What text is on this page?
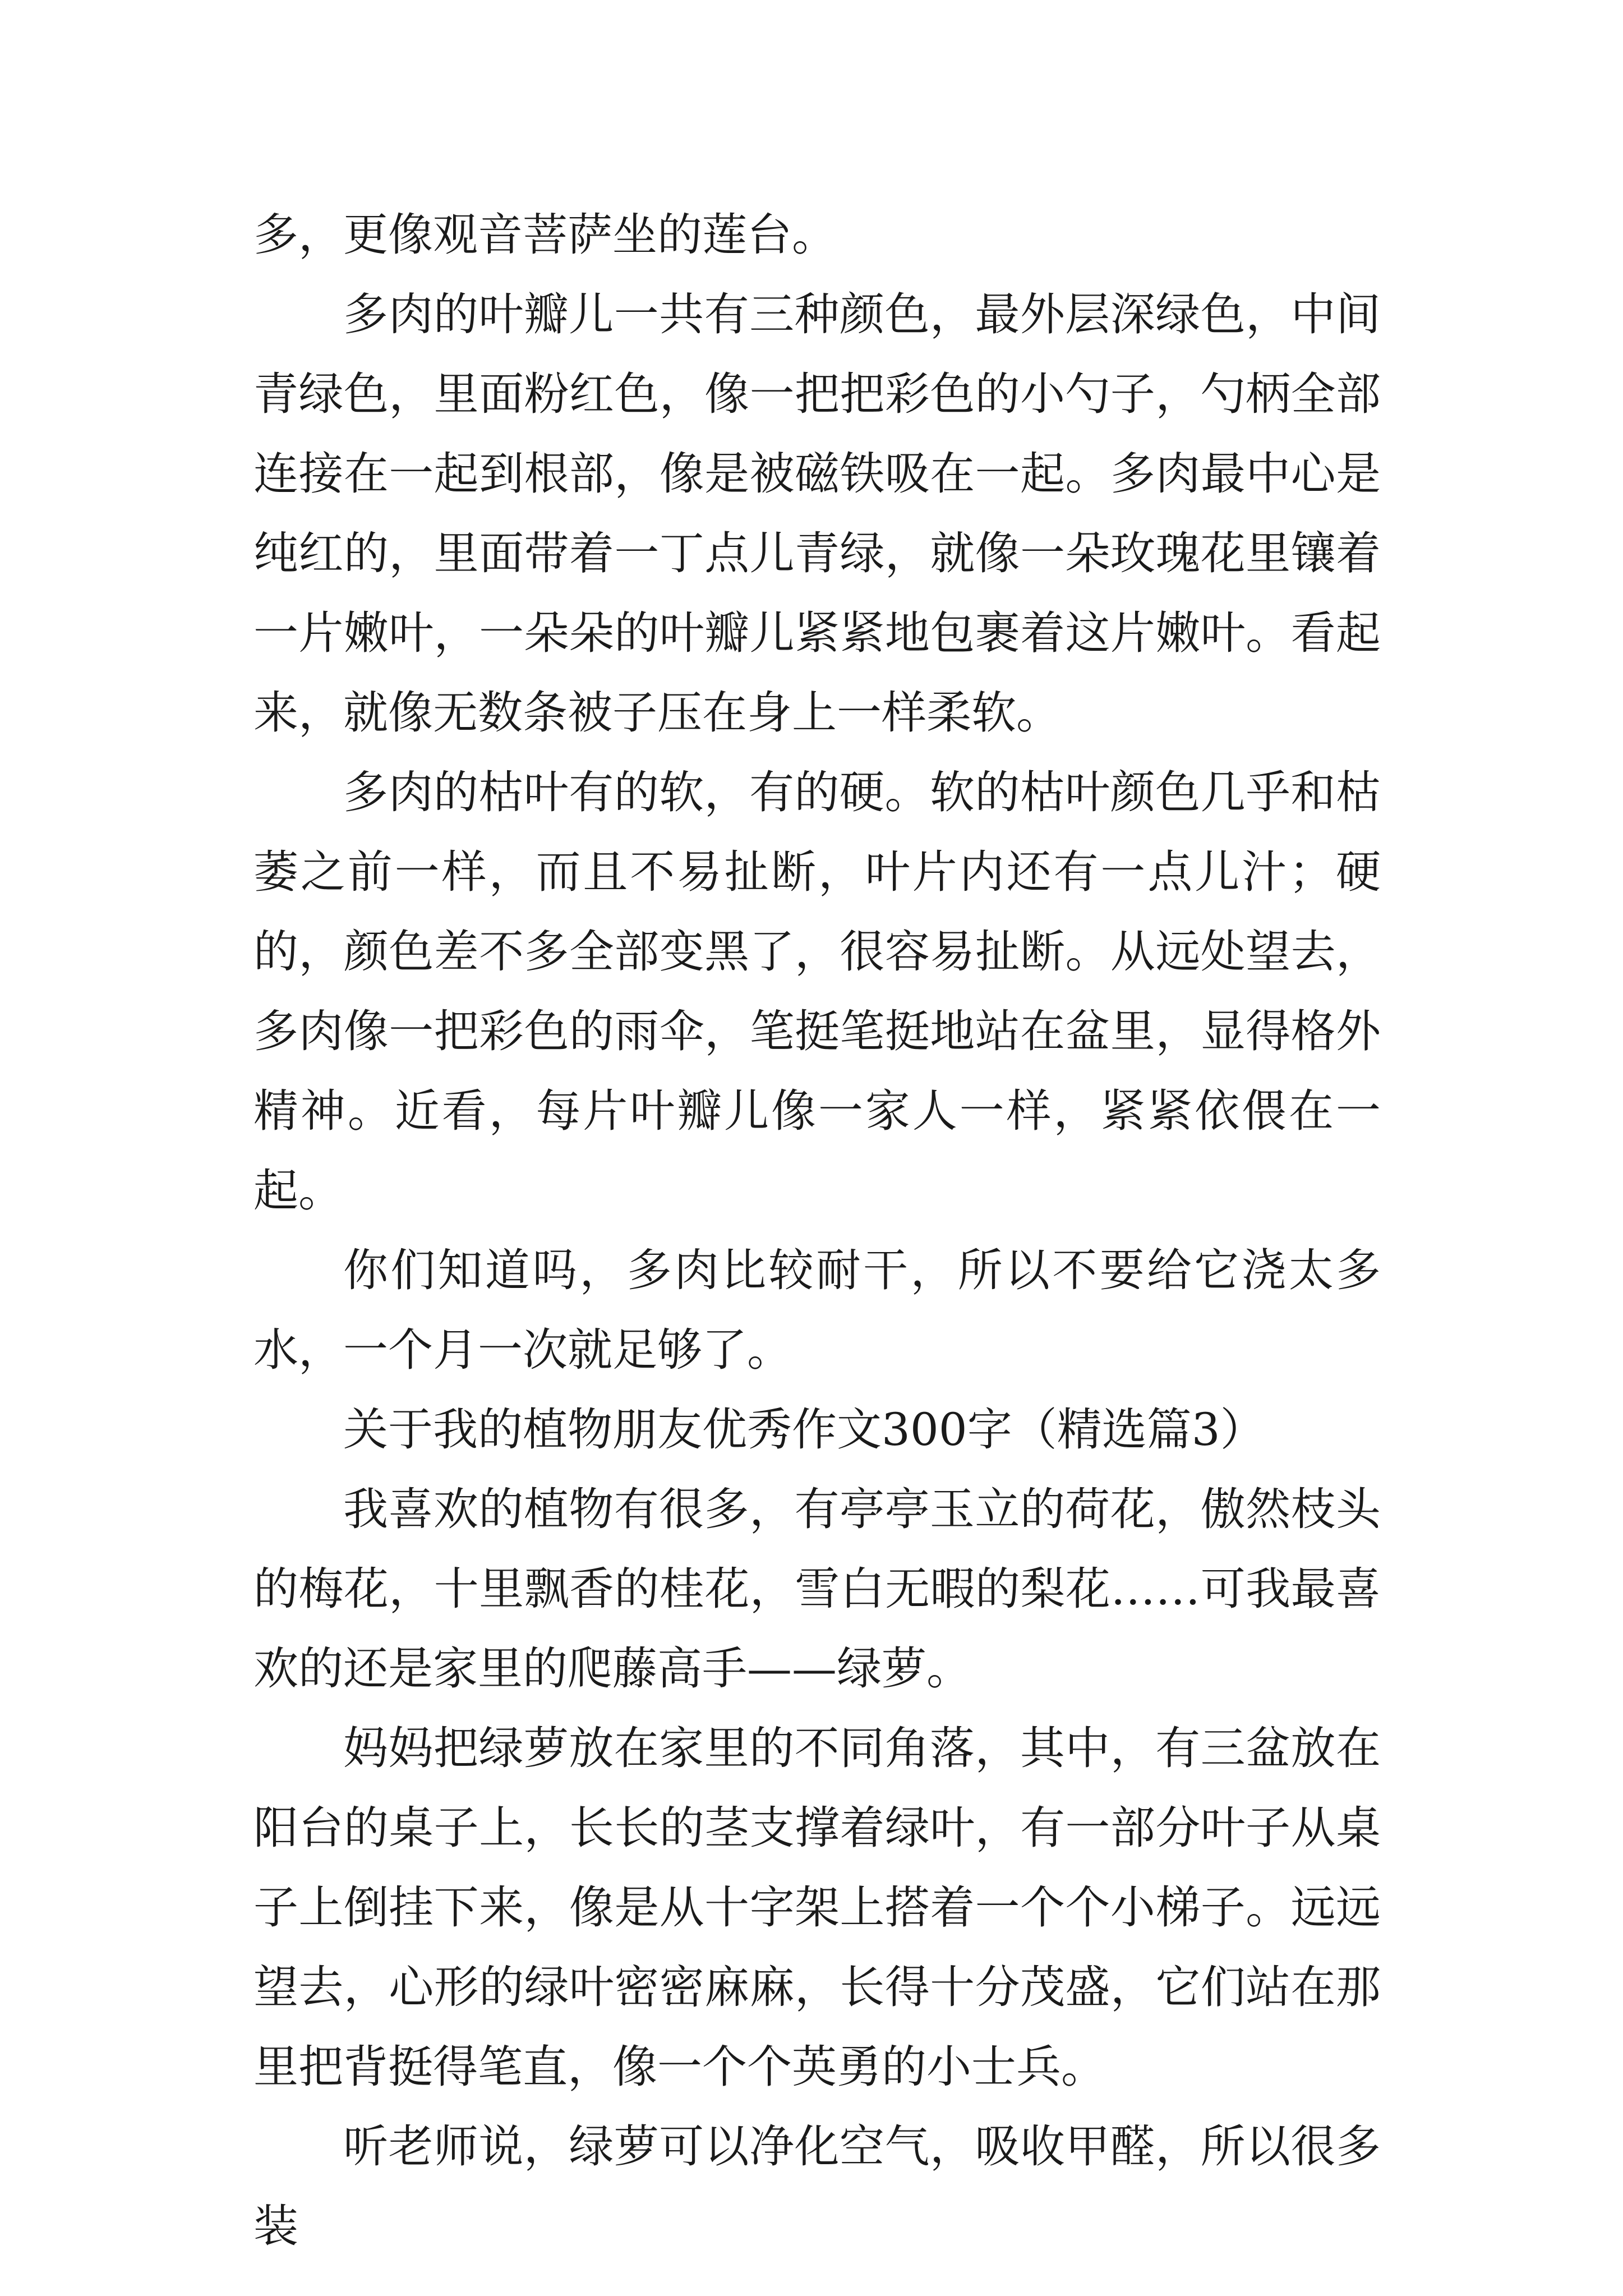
多，更像观音菩萨坐的莲台。

多肉的叶瓣儿一共有三种颜色，最外层深绿色，中间青绿色，里面粉红色，像一把把彩色的小勺子，勺柄全部连接在一起到根部，像是被磁铁吸在一起。多肉最中心是纯红的，里面带着一丁点儿青绿，就像一朵玫瑰花里镶着一片嫩叶，一朵朵的叶瓣儿紧紧地包裹着这片嫩叶。看起来，就像无数条被子压在身上一样柔软。

多肉的枯叶有的软，有的硬。软的枯叶颜色几乎和枯萎之前一样，而且不易扯断，叶片内还有一点儿汁；硬的，颜色差不多全部变黑了，很容易扯断。从远处望去，多肉像一把彩色的雨伞，笔挺笔挺地站在盆里，显得格外精神。近看，每片叶瓣儿像一家人一样，紧紧依偎在一起。

你们知道吗，多肉比较耐干，所以不要给它浇太多水，一个月一次就足够了。

关于我的植物朋友优秀作文300字（精选篇3）

我喜欢的植物有很多，有亭亭玉立的荷花，傲然枝头的梅花，十里飘香的桂花，雪白无暇的梨花……可我最喜欢的还是家里的爬藤高手——绿萝。

妈妈把绿萝放在家里的不同角落，其中，有三盆放在阳台的桌子上，长长的茎支撑着绿叶，有一部分叶子从桌子上倒挂下来，像是从十字架上搭着一个个小梯子。远远望去，心形的绿叶密密麻麻，长得十分茂盛，它们站在那里把背挺得笔直，像一个个英勇的小士兵。

听老师说，绿萝可以净化空气，吸收甲醛，所以很多装
